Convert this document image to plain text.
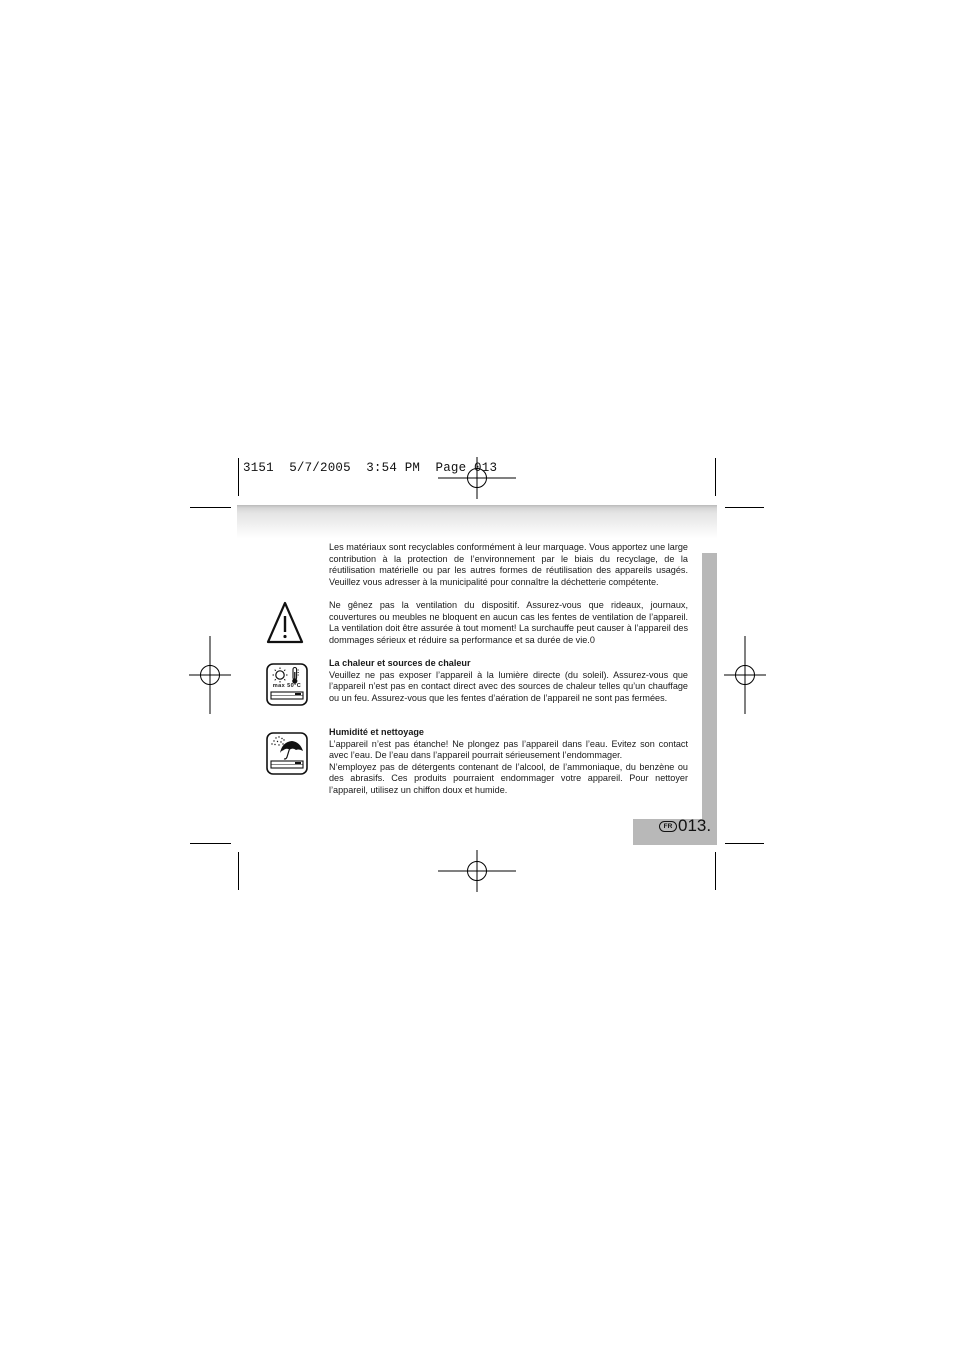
3151  5/7/2005  3:54 PM  Page 013
FR 013.
max 50°C

Les matériaux sont recyclables conformément à leur marquage. Vous apportez une large contribution à la protection de l’environnement par le biais du recyclage, de la réutilisation matérielle ou par les autres formes de réutilisation des appareils usagés. Veuillez vous adresser à la municipalité pour connaître la déchetterie compétente.

Ne gênez pas la ventilation du dispositif. Assurez-vous que rideaux, journaux, couvertures ou meubles ne bloquent en aucun cas les fentes de ventilation de l’appareil. La ventilation doit être assurée à tout moment! La surchauffe peut causer à l’appareil des dommages sérieux et réduire sa performance et sa durée de vie.0

La chaleur et sources de chaleur

Veuillez ne pas exposer l’appareil à la lumière directe (du soleil). Assurez-vous que l’appareil n’est pas en contact direct avec des sources de chaleur telles qu’un chauffage ou un feu. Assurez-vous que les fentes d’aération de l’appareil ne sont pas fermées.

Humidité et nettoyage

L’appareil n’est pas étanche! Ne plongez pas l’appareil dans l’eau. Evitez son contact avec l’eau. De l’eau dans l’appareil pourrait sérieusement l’endommager.

N’employez pas de détergents contenant de l’alcool, de l’ammoniaque, du benzène ou des abrasifs. Ces produits pourraient endommager votre appareil. Pour nettoyer l’appareil, utilisez un chiffon doux et humide.
